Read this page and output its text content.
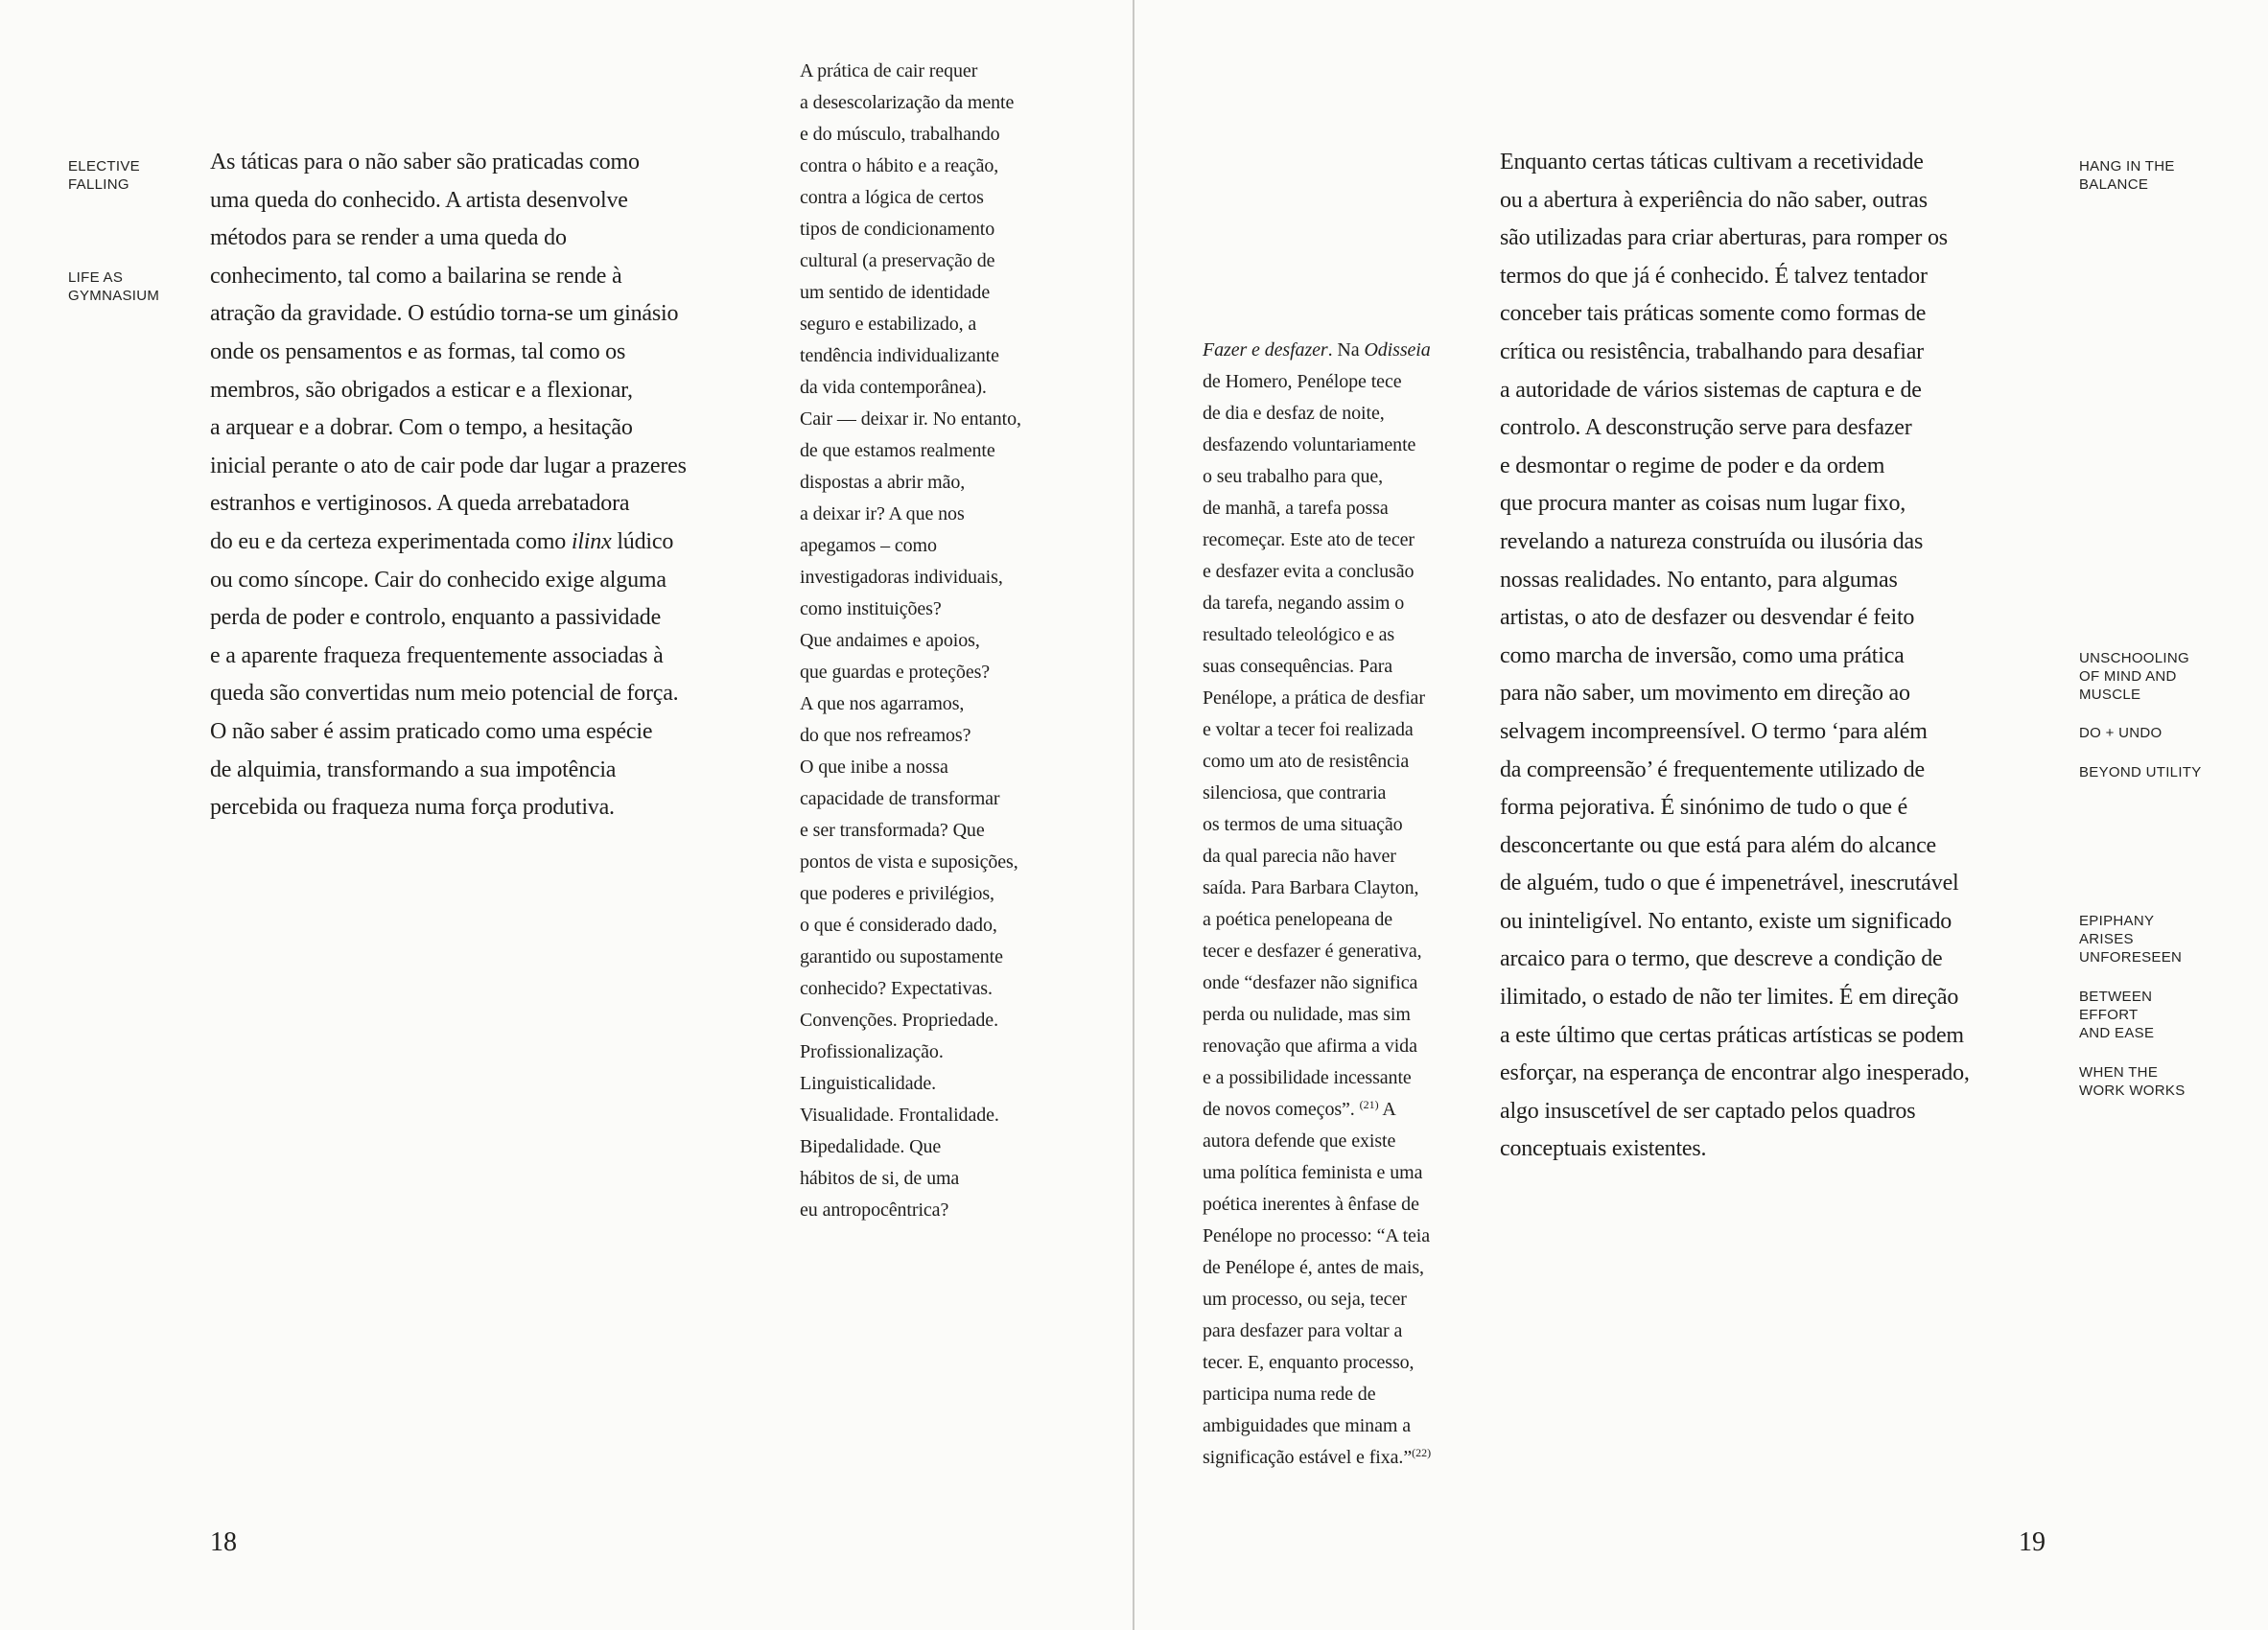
ELECTIVE
FALLING
LIFE AS
GYMNASIUM
As táticas para o não saber são praticadas como
uma queda do conhecido. A artista desenvolve
métodos para se render a uma queda do
conhecimento, tal como a bailarina se rende à
atração da gravidade. O estúdio torna-se um ginásio
onde os pensamentos e as formas, tal como os
membros, são obrigados a esticar e a flexionar,
a arquear e a dobrar. Com o tempo, a hesitação
inicial perante o ato de cair pode dar lugar a prazeres
estranhos e vertiginosos. A queda arrebatadora
do eu e da certeza experimentada como ilinx lúdico
ou como síncope. Cair do conhecido exige alguma
perda de poder e controlo, enquanto a passividade
e a aparente fraqueza frequentemente associadas à
queda são convertidas num meio potencial de força.
O não saber é assim praticado como uma espécie
de alquimia, transformando a sua impotência
percebida ou fraqueza numa força produtiva.
A prática de cair requer
a desescolarização da mente
e do músculo, trabalhando
contra o hábito e a reação,
contra a lógica de certos
tipos de condicionamento
cultural (a preservação de
um sentido de identidade
seguro e estabilizado, a
tendência individualizante
da vida contemporânea).
Cair — deixar ir. No entanto,
de que estamos realmente
dispostas a abrir mão,
a deixar ir? A que nos
apegamos – como
investigadoras individuais,
como instituições?
Que andaimes e apoios,
que guardas e proteções?
A que nos agarramos,
do que nos refreamos?
O que inibe a nossa
capacidade de transformar
e ser transformada? Que
pontos de vista e suposições,
que poderes e privilégios,
o que é considerado dado,
garantido ou supostamente
conhecido? Expectativas.
Convenções. Propriedade.
Profissionalização.
Linguisticalidade.
Visualidade. Frontalidade.
Bipedalidade. Que
hábitos de si, de uma
eu antropocêntrica?
18
Fazer e desfazer. Na Odisseia
de Homero, Penélope tece
de dia e desfaz de noite,
desfazendo voluntariamente
o seu trabalho para que,
de manhã, a tarefa possa
recomeçar. Este ato de tecer
e desfazer evita a conclusão
da tarefa, negando assim o
resultado teleológico e as
suas consequências. Para
Penélope, a prática de desfiar
e voltar a tecer foi realizada
como um ato de resistência
silenciosa, que contraria
os termos de uma situação
da qual parecia não haver
saída. Para Barbara Clayton,
a poética penelopeana de
tecer e desfazer é generativa,
onde “desfazer não significa
perda ou nulidade, mas sim
renovação que afirma a vida
e a possibilidade incessante
de novos começos”. $^{(21)}$ A
autora defende que existe
uma política feminista e uma
poética inerentes à ênfase de
Penélope no processo: “A teia
de Penélope é, antes de mais,
um processo, ou seja, tecer
para desfazer para voltar a
tecer. E, enquanto processo,
participa numa rede de
ambiguidades que minam a
significação estável e fixa.”$^{(22)}$
Enquanto certas táticas cultivam a recetividade
ou a abertura à experiência do não saber, outras
são utilizadas para criar aberturas, para romper os
termos do que já é conhecido. É talvez tentador
conceber tais práticas somente como formas de
crítica ou resistência, trabalhando para desafiar
a autoridade de vários sistemas de captura e de
controlo. A desconstrução serve para desfazer
e desmontar o regime de poder e da ordem
que procura manter as coisas num lugar fixo,
revelando a natureza construída ou ilusória das
nossas realidades. No entanto, para algumas
artistas, o ato de desfazer ou desvendar é feito
como marcha de inversão, como uma prática
para não saber, um movimento em direção ao
selvagem incompreensível. O termo ‘para além
da compreensão’ é frequentemente utilizado de
forma pejorativa. É sinónimo de tudo o que é
desconcertante ou que está para além do alcance
de alguém, tudo o que é impenetrável, inescrutável
ou ininteligível. No entanto, existe um significado
arcaico para o termo, que descreve a condição de
ilimitado, o estado de não ter limites. É em direção
a este último que certas práticas artísticas se podem
esforçar, na esperança de encontrar algo inesperado,
algo insuscetível de ser captado pelos quadros
conceptuais existentes.
HANG IN THE
BALANCE
UNSCHOOLING
OF MIND AND
MUSCLE
DO + UNDO
BEYOND UTILITY
EPIPHANY
ARISES
UNFORESEEN
BETWEEN
EFFORT
AND EASE
WHEN THE
WORK WORKS
19
